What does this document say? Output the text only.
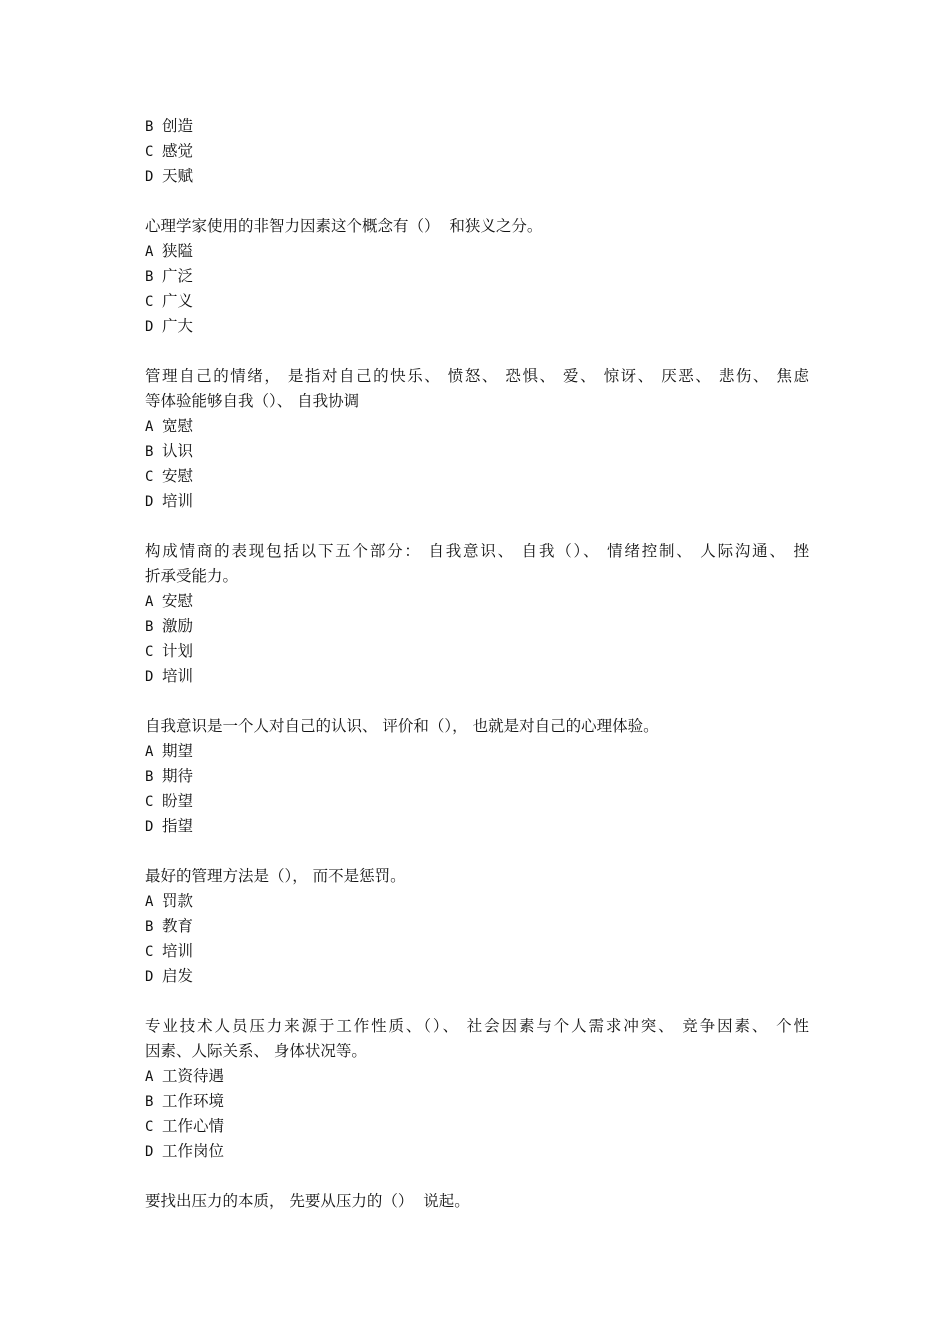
B 创造
C 感觉
D 天赋
心理学家使用的非智力因素这个概念有（）  和狭义之分。
A 狭隘
B 广泛
C 广义
D 广大
管理自己的情绪， 是指对自己的快乐、 愤怒、 恐惧、 爱、 惊讶、 厌恶、 悲伤、 焦虑
等体验能够自我（）、 自我协调
A 宽慰
B 认识
C 安慰
D 培训
构成情商的表现包括以下五个部分： 自我意识、 自我（）、 情绪控制、 人际沟通、 挫
折承受能力。
A 安慰
B 激励
C 计划
D 培训
自我意识是一个人对自己的认识、 评价和（）， 也就是对自己的心理体验。
A 期望
B 期待
C 盼望
D 指望
最好的管理方法是（）， 而不是惩罚。
A 罚款
B 教育
C 培训
D 启发
专业技术人员压力来源于工作性质、（）、 社会因素与个人需求冲突、 竞争因素、 个性
因素、人际关系、 身体状况等。
A 工资待遇
B 工作环境
C 工作心情
D 工作岗位
要找出压力的本质， 先要从压力的（）  说起。
